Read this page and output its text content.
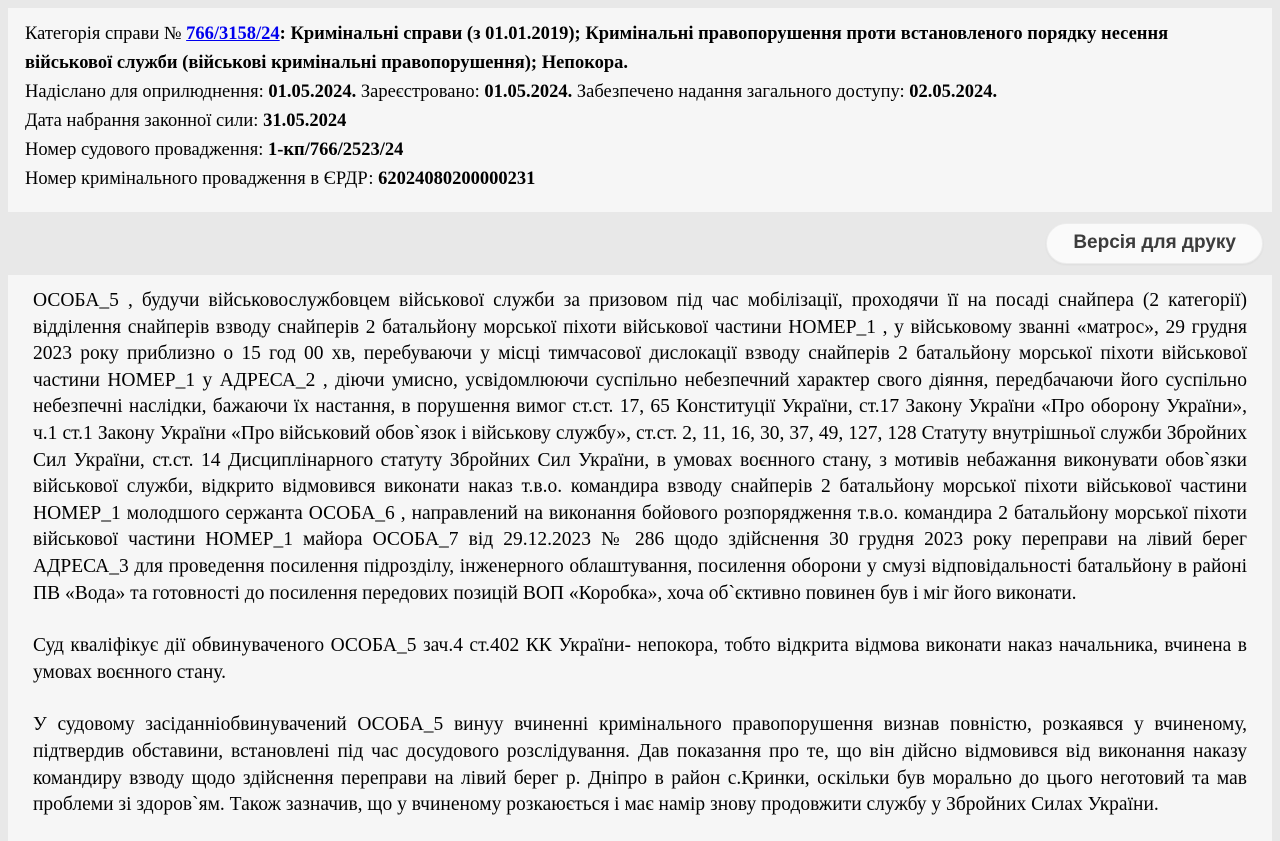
Категорія справи № 766/3158/24: Кримінальні справи (з 01.01.2019); Кримінальні правопорушення проти встановленого порядку несення військової служби (військові кримінальні правопорушення); Непокора.

Надіслано для оприлюднення: 01.05.2024. Зареєстровано: 01.05.2024. Забезпечено надання загального доступу: 02.05.2024.

Дата набрання законної сили: 31.05.2024

Номер судового провадження: 1-кп/766/2523/24

Номер кримінального провадження в ЄРДР: 62024080200000231

Версія для друку

ОСОБА_5 , будучи військовослужбовцем військової служби за призовом під час мобілізації, проходячи її на посаді снайпера (2 категорії) відділення снайперів взводу снайперів 2 батальйону морської піхоти військової частини НОМЕР_1 , у військовому званні «матрос», 29 грудня 2023 року приблизно о 15 год 00 хв, перебуваючи у місці тимчасової дислокації взводу снайперів 2 батальйону морської піхоти військової частини НОМЕР_1 у АДРЕСА_2 , діючи умисно, усвідомлюючи суспільно небезпечний характер свого діяння, передбачаючи його суспільно небезпечні наслідки, бажаючи їх настання, в порушення вимог ст.ст. 17, 65 Конституції України, ст.17 Закону України «Про оборону України», ч.1 ст.1 Закону України «Про військовий обов`язок і військову службу», ст.ст. 2, 11, 16, 30, 37, 49, 127, 128 Статуту внутрішньої служби Збройних Сил України, ст.ст. 14 Дисциплінарного статуту Збройних Сил України, в умовах воєнного стану, з мотивів небажання виконувати обов`язки військової служби, відкрито відмовився виконати наказ т.в.о. командира взводу снайперів 2 батальйону морської піхоти військової частини НОМЕР_1 молодшого сержанта ОСОБА_6 , направлений на виконання бойового розпорядження т.в.о. командира 2 батальйону морської піхоти військової частини НОМЕР_1 майора ОСОБА_7 від 29.12.2023 № 286 щодо здійснення 30 грудня 2023 року переправи на лівий берег АДРЕСА_3 для проведення посилення підрозділу, інженерного облаштування, посилення оборони у смузі відповідальності батальйону в районі ПВ «Вода» та готовності до посилення передових позицій ВОП «Коробка», хоча об`єктивно повинен був і міг його виконати.

Суд кваліфікує дії обвинуваченого ОСОБА_5 зач.4 ст.402 КК України- непокора, тобто відкрита відмова виконати наказ начальника, вчинена в умовах воєнного стану.

У судовому засіданніобвинувачений ОСОБА_5 винуу вчиненні кримінального правопорушення визнав повністю, розкаявся у вчиненому, підтвердив обставини, встановлені під час досудового розслідування. Дав показання про те, що він дійсно відмовився від виконання наказу командиру взводу щодо здійснення переправи на лівий берег р. Дніпро в район с.Кринки, оскільки був морально до цього неготовий та мав проблеми зі здоров`ям. Також зазначив, що у вчиненому розкаюється і має намір знову продовжити службу у Збройних Силах України.
